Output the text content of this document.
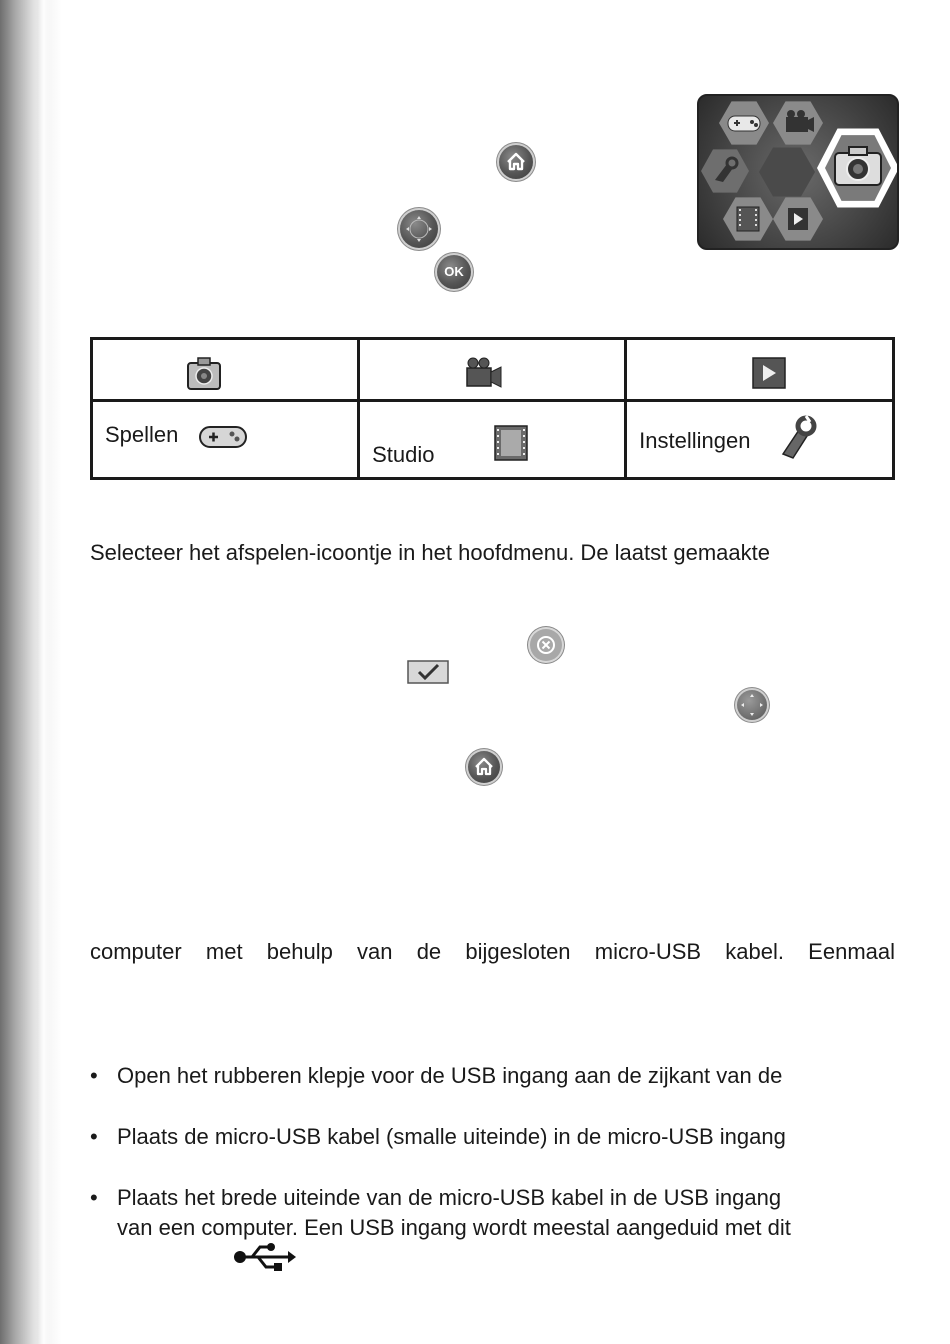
OK

Spellen	Studio	Instellingen
Selecteer het afspelen-icoontje in het hoofdmenu. De laatst gemaakte
computer met behulp van de bijgesloten micro-USB kabel. Eenmaal
• Open het rubberen klepje voor de USB ingang aan de zijkant van de
• Plaats de micro-USB kabel (smalle uiteinde) in de micro-USB ingang
• Plaats het brede uiteinde van de micro-USB kabel in de USB ingang
van een computer. Een USB ingang wordt meestal aangeduid met dit
